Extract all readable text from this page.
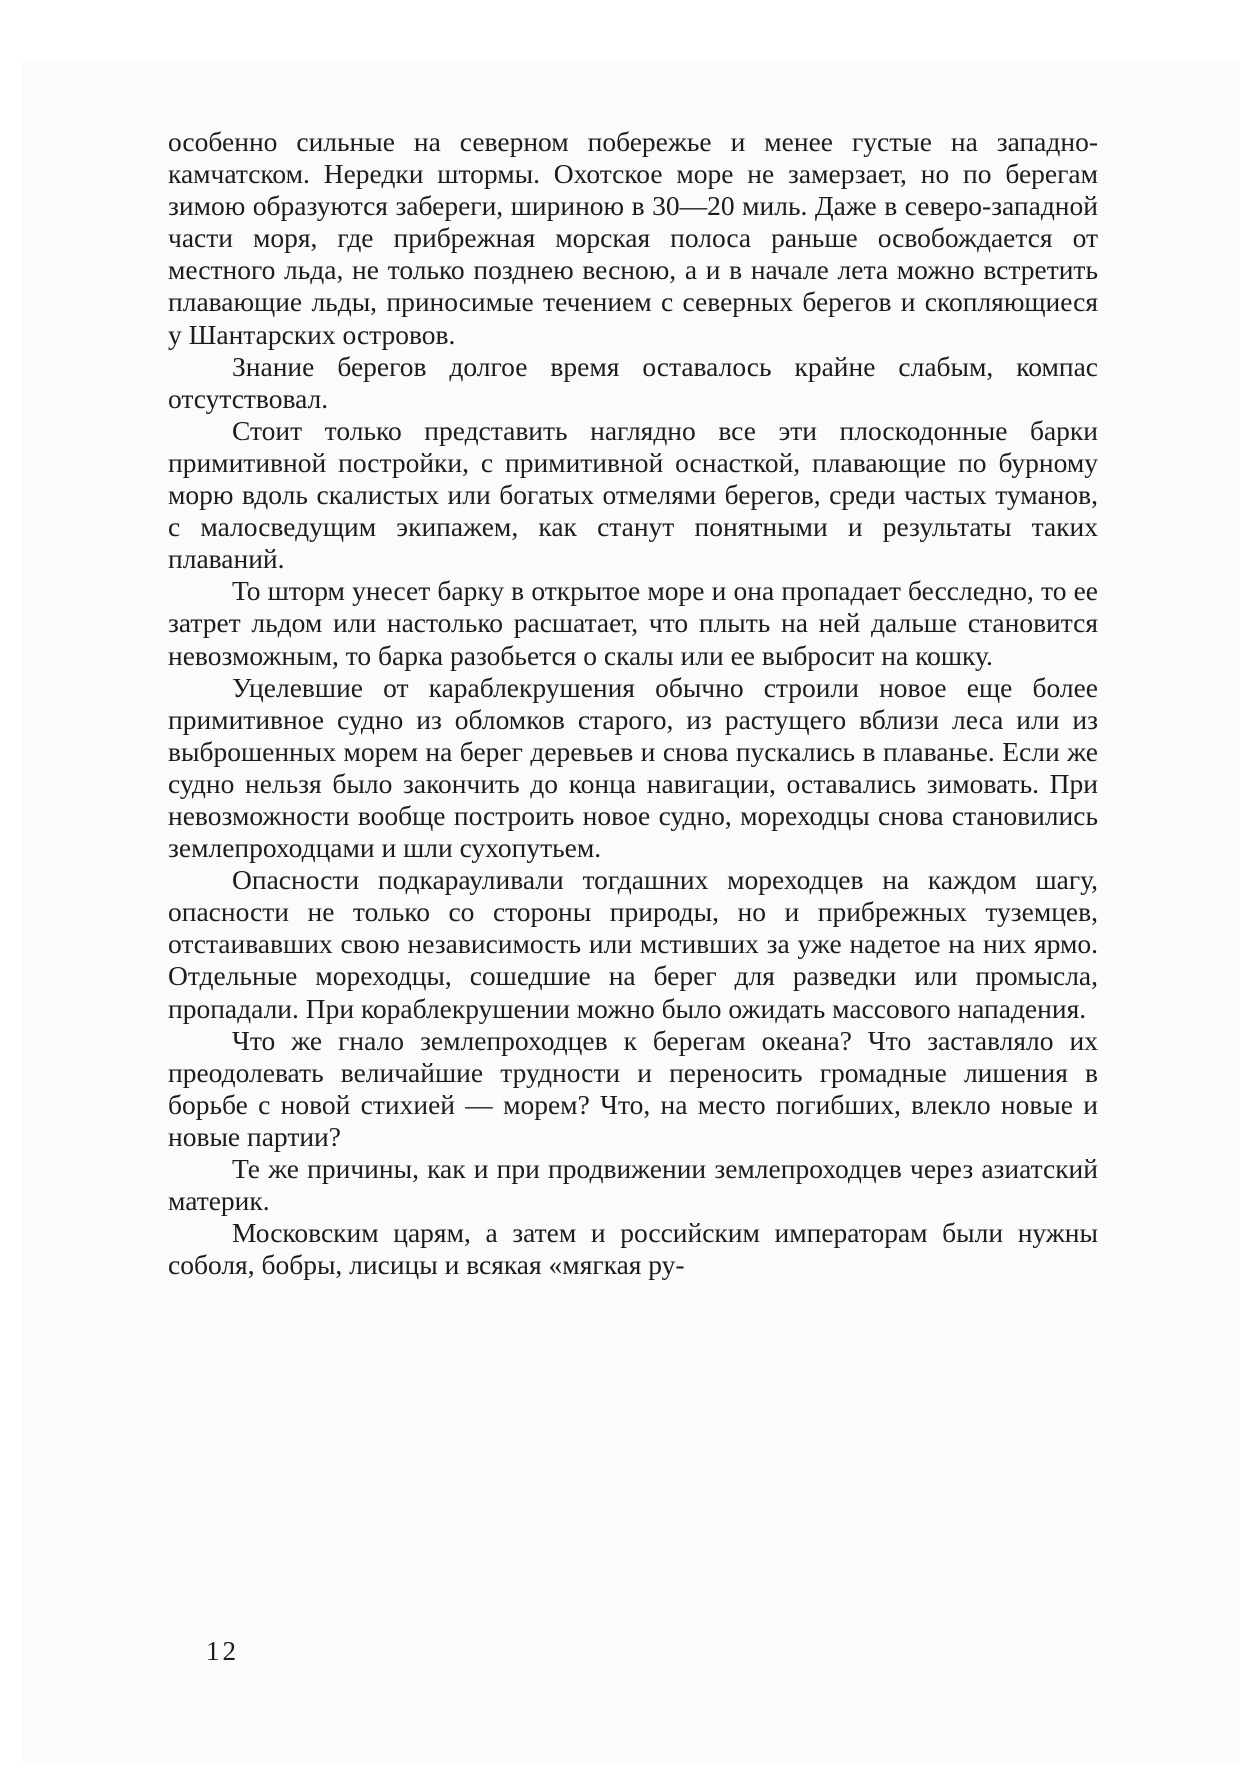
особенно сильные на северном побережье и менее густые на западно-камчатском. Нередки штормы. Охотское море не замерзает, но по берегам зимою образуются забереги, шириною в 30—20 миль. Даже в северо-западной части моря, где прибрежная морская полоса раньше освобождается от местного льда, не только позднею весною, а и в начале лета можно встретить плавающие льды, приносимые течением с северных берегов и скопляющиеся у Шантарских островов.

Знание берегов долгое время оставалось крайне слабым, компас отсутствовал.

Стоит только представить наглядно все эти плоскодонные барки примитивной постройки, с примитивной оснасткой, плавающие по бурному морю вдоль скалистых или богатых отмелями берегов, среди частых туманов, с малосведущим экипажем, как станут понятными и результаты таких плаваний.

То шторм унесет барку в открытое море и она пропадает бесследно, то ее затрет льдом или настолько расшатает, что плыть на ней дальше становится невозможным, то барка разобьется о скалы или ее выбросит на кошку.

Уцелевшие от караблекрушения обычно строили новое еще более примитивное судно из обломков старого, из растущего вблизи леса или из выброшенных морем на берег деревьев и снова пускались в плаванье. Если же судно нельзя было закончить до конца навигации, оставались зимовать. При невозможности вообще построить новое судно, мореходцы снова становились землепроходцами и шли сухопутьем.

Опасности подкарауливали тогдашних мореходцев на каждом шагу, опасности не только со стороны природы, но и прибрежных туземцев, отстаивавших свою независимость или мстивших за уже надетое на них ярмо. Отдельные мореходцы, сошедшие на берег для разведки или промысла, пропадали. При кораблекрушении можно было ожидать массового нападения.

Что же гнало землепроходцев к берегам океана? Что заставляло их преодолевать величайшие трудности и переносить громадные лишения в борьбе с новой стихией — морем? Что, на место погибших, влекло новые и новые партии?

Те же причины, как и при продвижении землепроходцев через азиатский материк.

Московским царям, а затем и российским императорам были нужны соболя, бобры, лисицы и всякая «мягкая ру-

12
